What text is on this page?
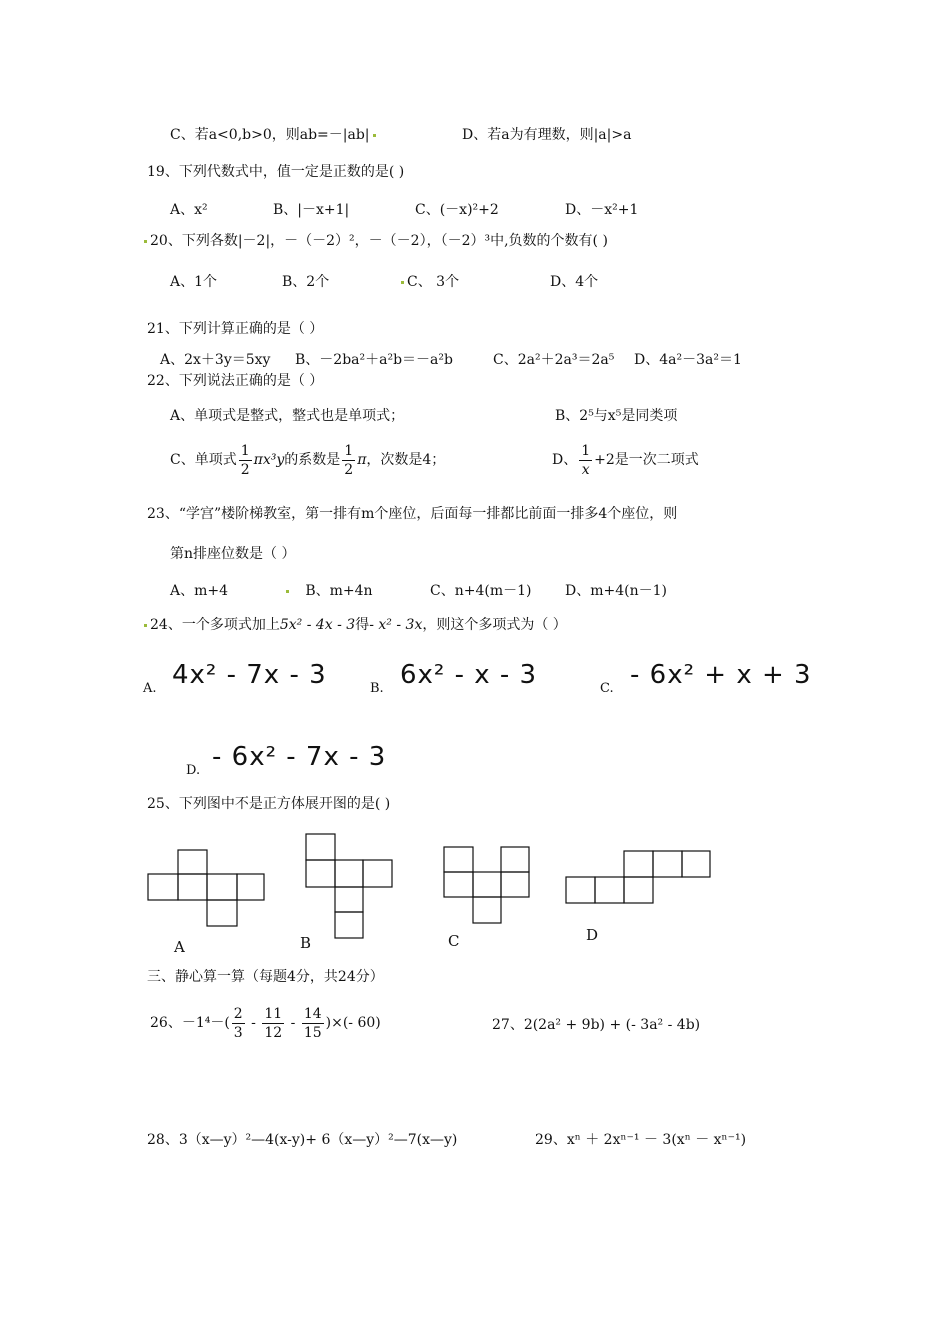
C、若a<0,b>0，则ab=－|ab|	D、若a为有理数，则|a|>a
19、下列代数式中，值一定是正数的是( )
A、x²	B、|－x+1|	C、(－x)²+2	D、－x²+1
20、下列各数|－2|，－（－2）²，－（－2），（－2）³中,负数的个数有( )
A、1个	B、2个	C、 3个	D、4个
21、下列计算正确的是（ ）
A、2x＋3y＝5xy B、－2ba²＋a²b＝－a²b	C、2a²＋2a³＝2a⁵ D、4a²－3a²＝1
22、下列说法正确的是（ ）
A、单项式是整式，整式也是单项式；	B、2⁵与x⁵是同类项
C、单项式 $\frac{1}{2} \pi x^3y$的系数是 $\frac{1}{2}$ π，次数是4；	D、 $\frac{1}{x} +2$是一次二项式
23、“学宫”楼阶梯教室，第一排有m个座位，后面每一排都比前面一排多4个座位，则
第n排座位数是（ ）
A、m+4	B、m+4n	C、n+4(m－1) D、m+4(n－1)
24、一个多项式加上5x² - 4x - 3得- x² - 3x，则这个多项式为（ ）
A. 4x² - 7x - 3	B. 6x² - x - 3	C. - 6x² + x + 3
D. - 6x² - 7x - 3
25、下列图中不是正方体展开图的是( )
A	B	C	D
三、静心算一算（每题4分，共24分）
26、$-1^4-( \frac{2}{3} - \frac{11}{12} - \frac{14}{15}$ )×(- 60)	27、2(2a² + 9b) + (- 3a² - 4b)
28、3（x—y）²—4(x-y)+ 6（x—y）²—7(x—y)	29、xⁿ ＋ 2xⁿ⁻¹ － 3(xⁿ － xⁿ⁻¹)
